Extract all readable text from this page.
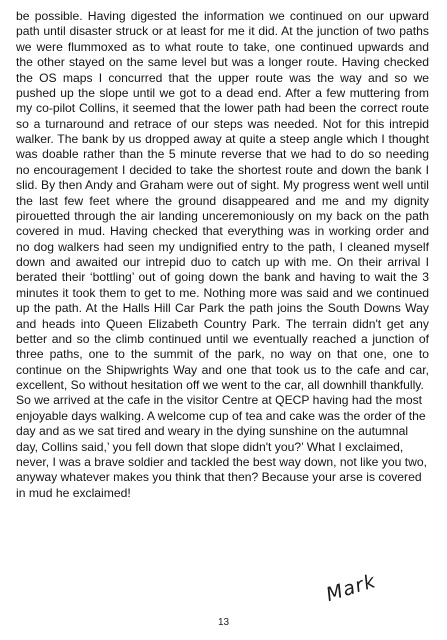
be possible. Having digested the information we continued on our upward path until disaster struck or at least for me it did. At the junction of two paths we were flummoxed as to what route to take, one continued upwards and the other stayed on the same level but was a longer route. Having checked the OS maps I concurred that the upper route was the way and so we pushed up the slope until we got to a dead end. After a few muttering from my co-pilot Collins, it seemed that the lower path had been the correct route so a turnaround and retrace of our steps was needed. Not for this intrepid walker. The bank by us dropped away at quite a steep angle which I thought was doable rather than the 5 minute reverse that we had to do so needing no encouragement I decided to take the shortest route and down the bank I slid. By then Andy and Graham were out of sight. My progress went well until the last few feet where the ground disappeared and me and my dignity pirouetted through the air landing unceremoniously on my back on the path covered in mud. Having checked that everything was in working order and no dog walkers had seen my undignified entry to the path, I cleaned myself down and awaited our intrepid duo to catch up with me. On their arrival I berated their ‘bottling’ out of going down the bank and having to wait the 3 minutes it took them to get to me. Nothing more was said and we continued up the path. At the Halls Hill Car Park the path joins the South Downs Way and heads into Queen Elizabeth Country Park. The terrain didn't get any better and so the climb continued until we eventually reached a junction of three paths, one to the summit of the park, no way on that one, one to continue on the Shipwrights Way and one that took us to the cafe and car, excellent, So without hesitation off we went to the car, all downhill thankfully.

So we arrived at the cafe in the visitor Centre at QECP having had the most enjoyable days walking. A welcome cup of tea and cake was the order of the day and as we sat tired and weary in the dying sunshine on the autumnal day, Collins said,’ you fell down that slope didn't you?’ What I exclaimed, never, I was a brave soldier and tackled the best way down, not like you two, anyway whatever makes you think that then? Because your arse is covered in mud he exclaimed!

Mark
13
